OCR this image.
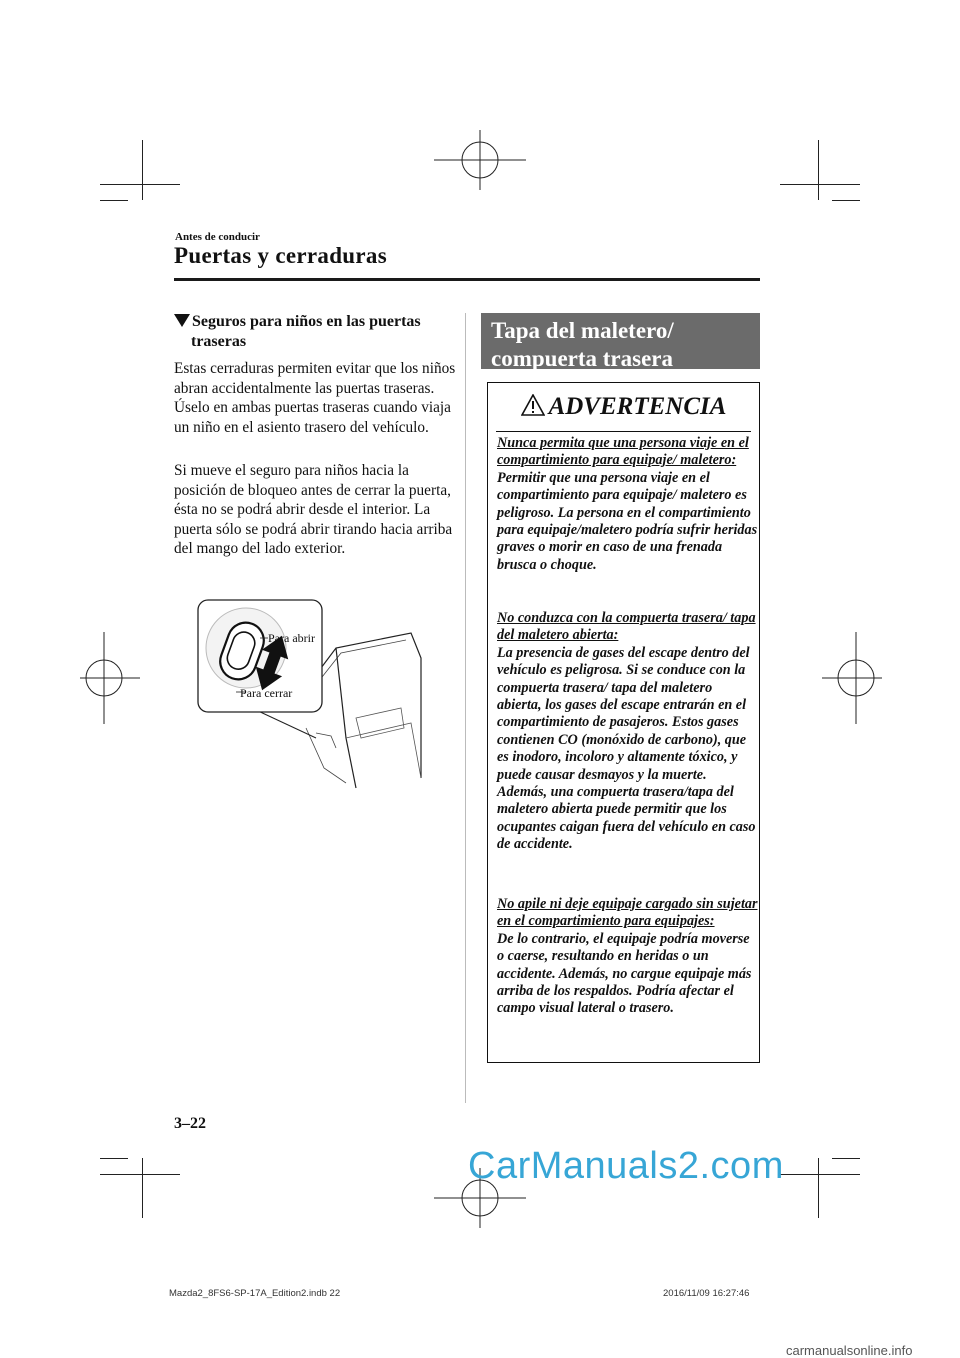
Antes de conducir
Puertas y cerraduras
Seguros para niños en las puertas
traseras

Estas cerraduras permiten evitar que los niños abran accidentalmente las puertas traseras. Úselo en ambas puertas traseras cuando viaja un niño en el asiento trasero del vehículo.

Si mueve el seguro para niños hacia la posición de bloqueo antes de cerrar la puerta, ésta no se podrá abrir desde el interior. La puerta sólo se podrá abrir tirando hacia arriba del mango del lado exterior.

Para abrir
Para cerrar
Tapa del maletero/
compuerta trasera
ADVERTENCIA

Nunca permita que una persona viaje en el compartimiento para equipaje/ maletero:
Permitir que una persona viaje en el compartimiento para equipaje/ maletero es peligroso. La persona en el compartimiento para equipaje/maletero podría sufrir heridas graves o morir en caso de una frenada brusca o choque.

No conduzca con la compuerta trasera/ tapa del maletero abierta:
La presencia de gases del escape dentro del vehículo es peligrosa. Si se conduce con la compuerta trasera/ tapa del maletero abierta, los gases del escape entrarán en el compartimiento de pasajeros. Estos gases contienen CO (monóxido de carbono), que es inodoro, incoloro y altamente tóxico, y puede causar desmayos y la muerte. Además, una compuerta trasera/tapa del maletero abierta puede permitir que los ocupantes caigan fuera del vehículo en caso de accidente.

No apile ni deje equipaje cargado sin sujetar en el compartimiento para equipajes:
De lo contrario, el equipaje podría moverse o caerse, resultando en heridas o un accidente. Además, no cargue equipaje más arriba de los respaldos. Podría afectar el campo visual lateral o trasero.

3–22
CarManuals2.com
Mazda2_8FS6-SP-17A_Edition2.indb 22	2016/11/09 16:27:46
carmanualsonline.info
